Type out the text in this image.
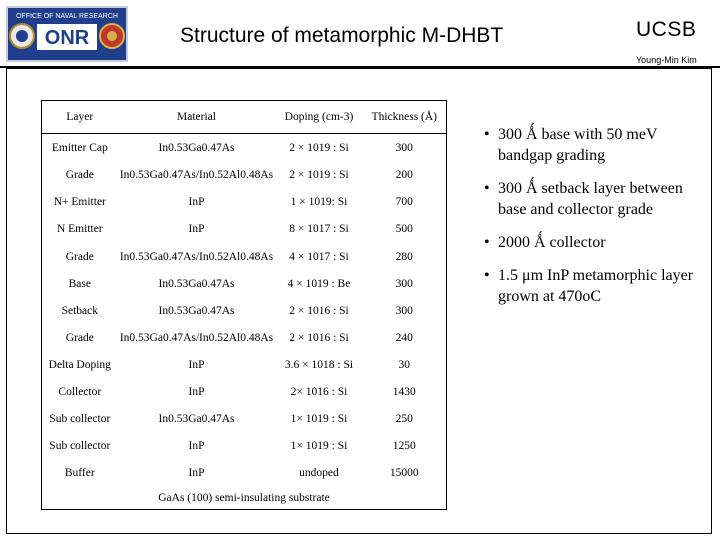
OFFICE OF NAVAL RESEARCH
ONR	Structure of metamorphic M-DHBT	UCSB
Young-Min Kim
Layer	Material	Doping (cm-3)	Thickness (Å)
Emitter Cap	In0.53Ga0.47As	2 × 1019 : Si	300
Grade	In0.53Ga0.47As/In0.52Al0.48As	2 × 1019 : Si	200
N+ Emitter	InP	1 × 1019: Si	700
N Emitter	InP	8 × 1017 : Si	500
Grade	In0.53Ga0.47As/In0.52Al0.48As	4 × 1017 : Si	280
Base	In0.53Ga0.47As	4 × 1019 : Be	300
Setback	In0.53Ga0.47As	2 × 1016 : Si	300
Grade	In0.53Ga0.47As/In0.52Al0.48As	2 × 1016 : Si	240
Delta Doping	InP	3.6 × 1018 : Si	30
Collector	InP	2× 1016 : Si	1430
Sub collector	In0.53Ga0.47As	1× 1019 : Si	250
Sub collector	InP	1× 1019 : Si	1250
Buffer	InP	undoped	15000
GaAs (100) semi-insulating substrate			
• 300 Ǻ base with 50 meV bandgap grading
• 300 Ǻ setback layer between base and collector grade
• 2000 Ǻ collector
• 1.5 μm InP metamorphic layer grown at 470oC
